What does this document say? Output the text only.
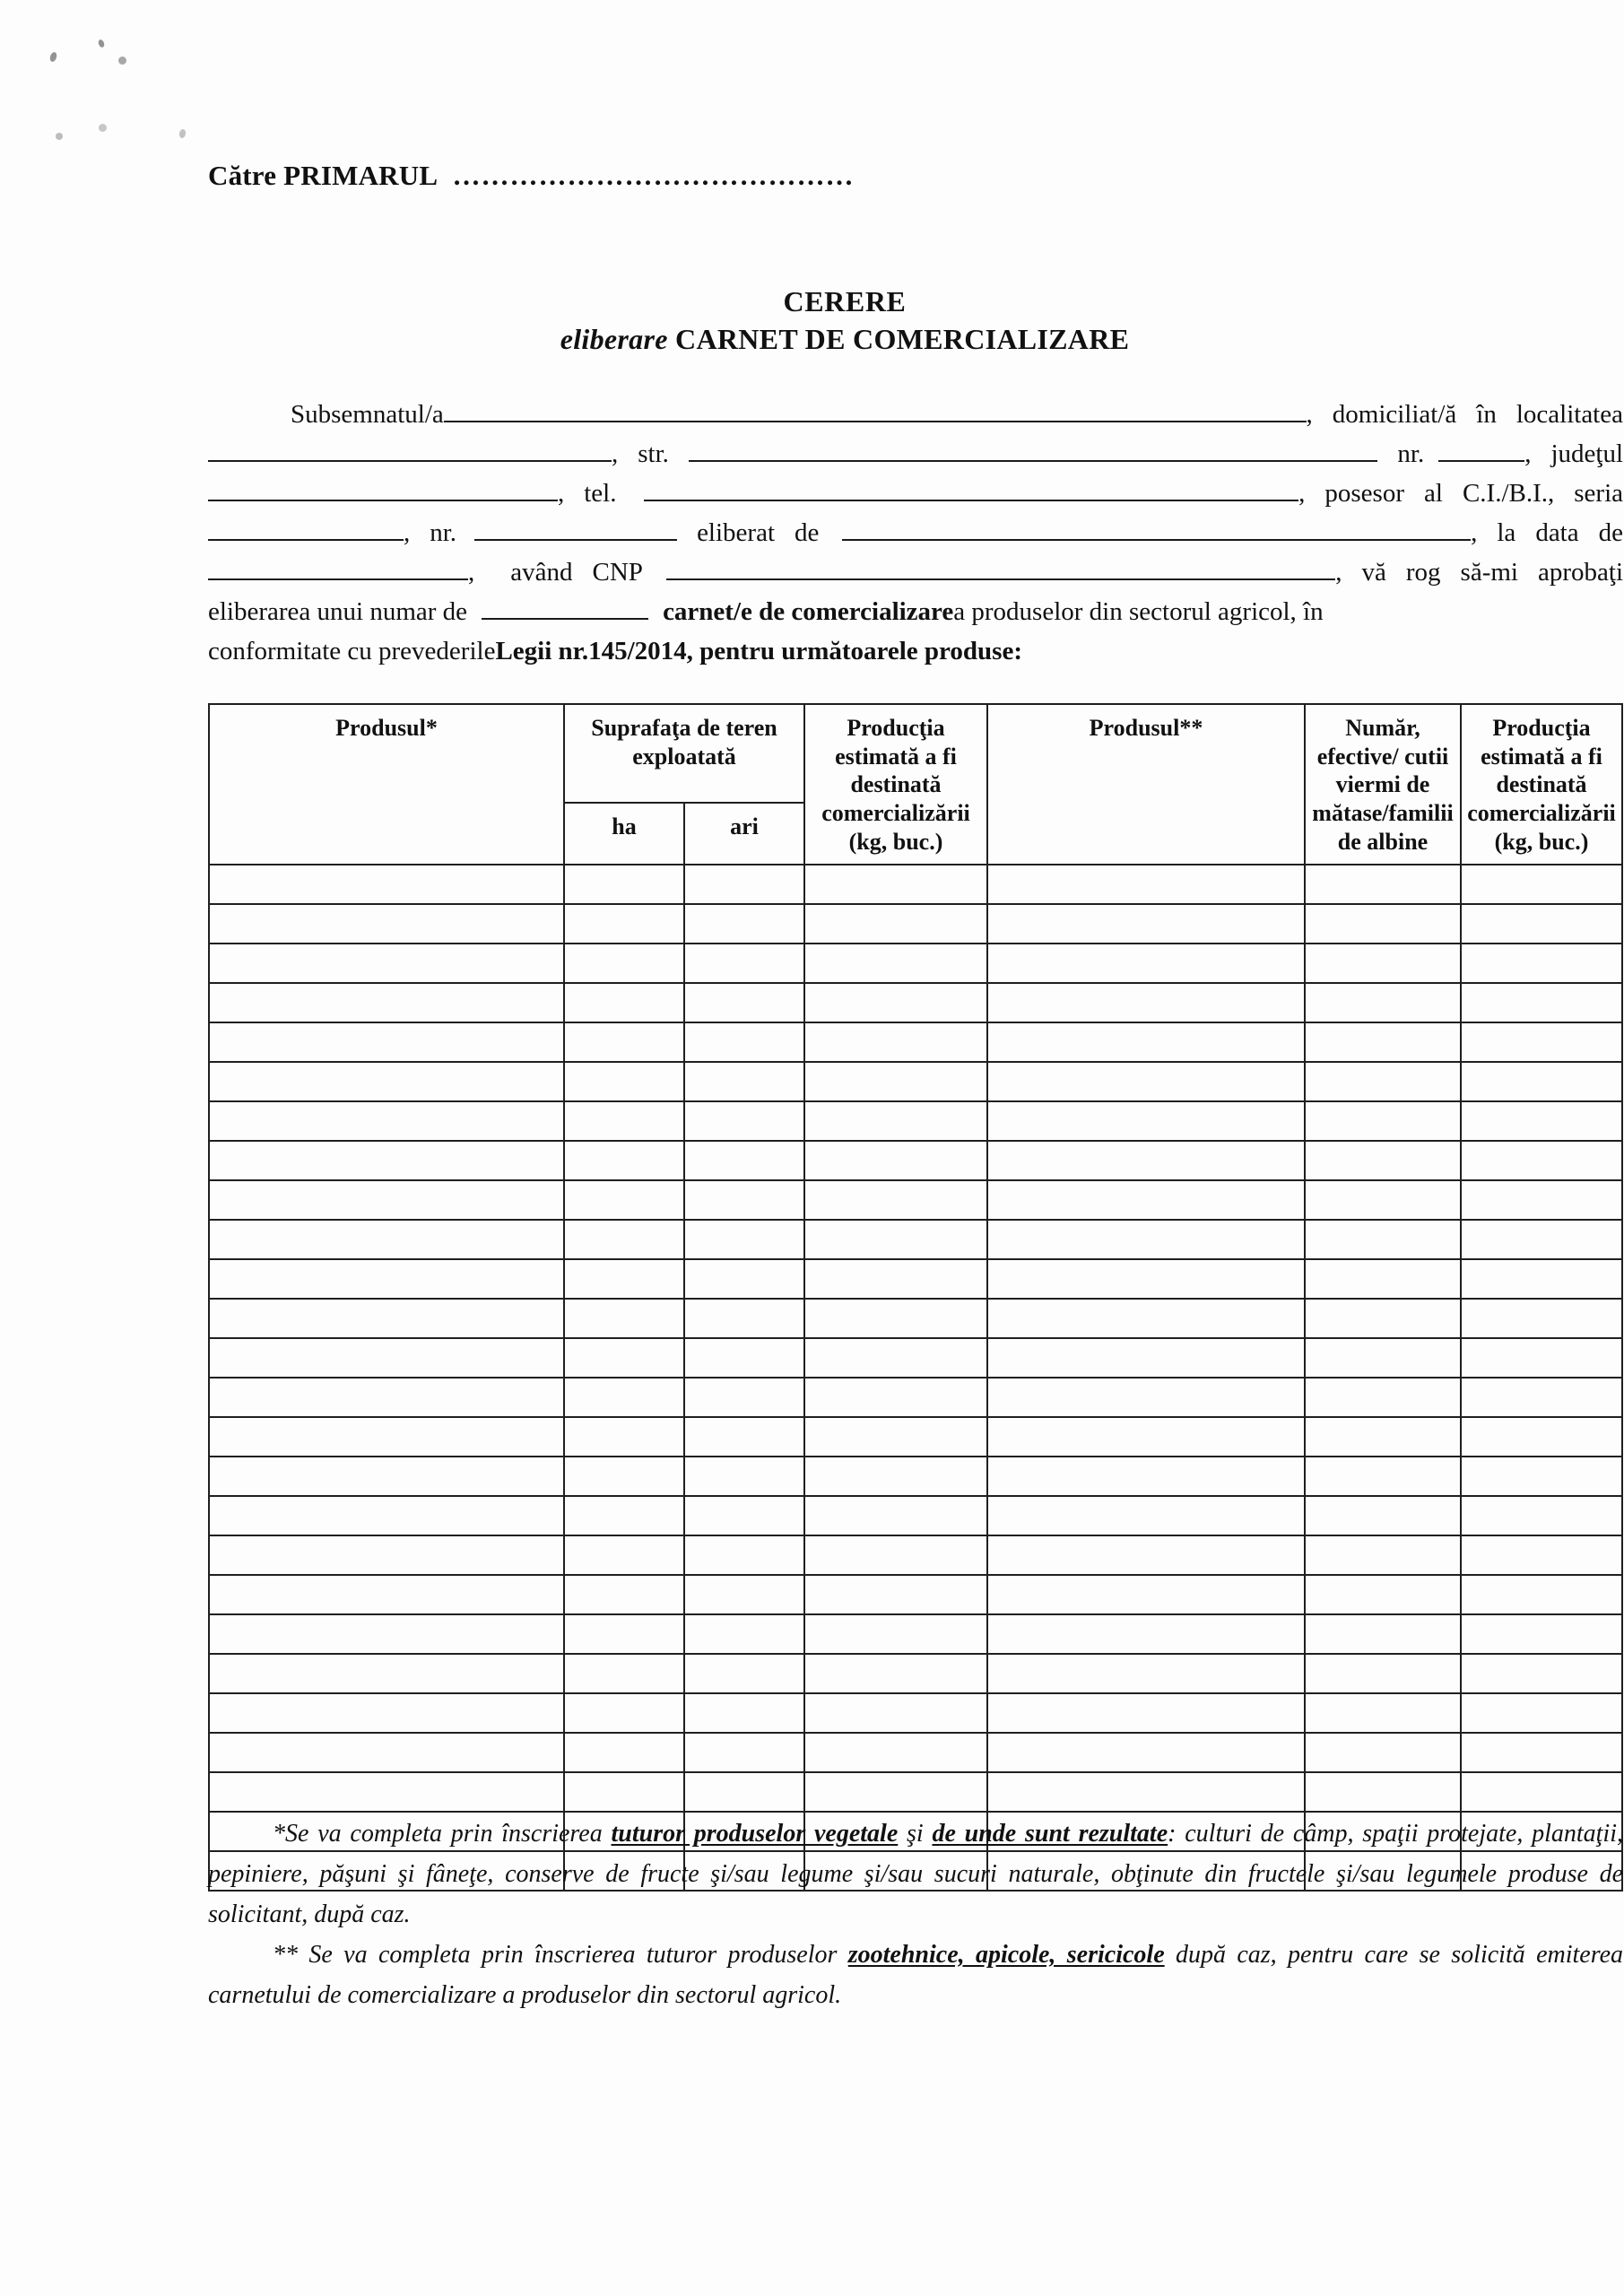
Către PRIMARUL ……………………………………
CERERE
eliberare CARNET DE COMERCIALIZARE
Subsemnatul/a	, domiciliat/ă în localitatea
, str.	nr.	, judeţul
, tel.	, posesor al C.I./B.I., seria
, nr.	eliberat de	, la data de
, având CNP	, vă rog să-mi aprobaţi
eliberarea unui numar de	carnet/e de comercializare a produselor din sectorul agricol, în
conformitate cu prevederile Legii nr.145/2014, pentru următoarele produse:
Produsul*	Suprafaţa de teren exploatată		Producţia estimată a fi destinată comercializării (kg, buc.)	Produsul**	Număr, efective/ cutii viermi de mătase/familii de albine	Producţia estimată a fi destinată comercializării (kg, buc.)
	ha	ari				

*Se va completa prin înscrierea tuturor produselor vegetale şi de unde sunt rezultate: culturi de câmp, spaţii protejate, plantaţii, pepiniere, păşuni şi fâneţe, conserve de fructe şi/sau legume şi/sau sucuri naturale, obţinute din fructele şi/sau legumele produse de solicitant, după caz.

** Se va completa prin înscrierea tuturor produselor zootehnice, apicole, sericicole după caz, pentru care se solicită emiterea carnetului de comercializare a produselor din sectorul agricol.
